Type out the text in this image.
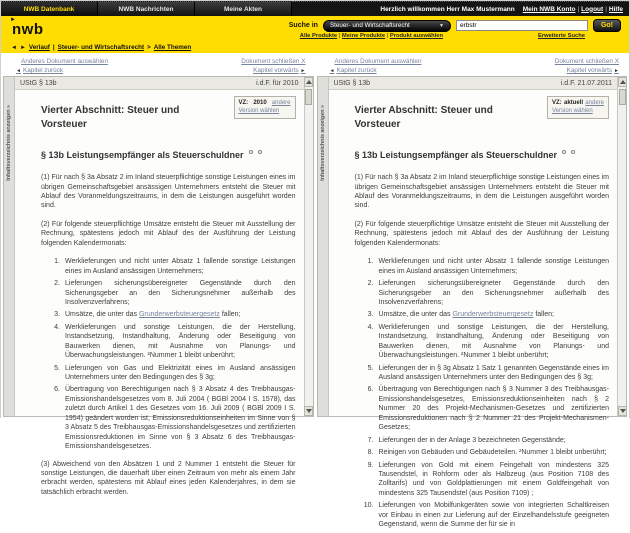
NWB Datenbank	NWB Nachrichten	Meine Akten	Herzlich willkommen Herr Max Mustermann Mein NWB Konto | Logout | Hilfe
►
nwb	Suche in Steuer- und Wirtschaftsrecht	▼
erbstr	Go!
Alle Produkte | Meine Produkte | Produkt auswählen	Erweiterte Suche
◄ ► Verlauf | Steuer- und Wirtschaftsrecht > Alle Themen
Anderes Dokument auswählen	Dokument schließen X
◄ Kapitel zurück	Kapitel vorwärts ►
Inhaltsverzeichnis anzeigen »
UStG § 13b	i.d.F. für 2010
VZ: 2010 andere Version wählen
Vierter Abschnitt: Steuer und Vorsteuer
§ 13b Leistungsempfänger als Steuerschuldner

(1) Für nach § 3a Absatz 2 im Inland steuerpflichtige sonstige Leistungen eines im übrigen Gemeinschaftsgebiet ansässigen Unternehmers entsteht die Steuer mit Ablauf des Voranmeldungszeitraums, in dem die Leistungen ausgeführt worden sind.

(2) Für folgende steuerpflichtige Umsätze entsteht die Steuer mit Ausstellung der Rechnung, spätestens jedoch mit Ablauf des der Ausführung der Leistung folgenden Kalendermonats:

1. Werklieferungen und nicht unter Absatz 1 fallende sonstige Leistungen eines im Ausland ansässigen Unternehmers;
2. Lieferungen sicherungsübereigneter Gegenstände durch den Sicherungsgeber an den Sicherungsnehmer außerhalb des Insolvenzverfahrens;
3. Umsätze, die unter das Grunderwerbsteuergesetz fallen;
4. Werklieferungen und sonstige Leistungen, die der Herstellung, Instandsetzung, Instandhaltung, Änderung oder Beseitigung von Bauwerken dienen, mit Ausnahme von Planungs- und Überwachungsleistungen. ²Nummer 1 bleibt unberührt;
5. Lieferungen von Gas und Elektrizität eines im Ausland ansässigen Unternehmers unter den Bedingungen des § 3g;
6. Übertragung von Berechtigungen nach § 3 Absatz 4 des Treibhausgas-Emissionshandelsgesetzes vom 8. Juli 2004 ( BGBl 2004 I S. 1578), das zuletzt durch Artikel 1 des Gesetzes vom 16. Juli 2009 ( BGBl 2009 I S. 1954) geändert worden ist, Emissionsreduktionseinheiten im Sinne von § 3 Absatz 5 des Treibhausgas-Emissionshandelsgesetzes und zertifizierten Emissionsreduktionen im Sinne von § 3 Absatz 6 des Treibhausgas- Emissionshandelsgesetzes.

(3) Abweichend von den Absätzen 1 und 2 Nummer 1 entsteht die Steuer für sonstige Leistungen, die dauerhaft über einen Zeitraum von mehr als einem Jahr erbracht werden, spätestens mit Ablauf eines jeden Kalenderjahres, in dem sie tatsächlich erbracht werden.

Anderes Dokument auswählen	Dokument schließen X
◄ Kapitel zurück	Kapitel vorwärts ►
Inhaltsverzeichnis anzeigen »
UStG § 13b	i.d.F. 21.07.2011
VZ: aktuell andere Version wählen
Vierter Abschnitt: Steuer und Vorsteuer
§ 13b Leistungsempfänger als Steuerschuldner

(1) Für nach § 3a Absatz 2 im Inland steuerpflichtige sonstige Leistungen eines im übrigen Gemeinschaftsgebiet ansässigen Unternehmers entsteht die Steuer mit Ablauf des Voranmeldungszeitraums, in dem die Leistungen ausgeführt worden sind.

(2) Für folgende steuerpflichtige Umsätze entsteht die Steuer mit Ausstellung der Rechnung, spätestens jedoch mit Ablauf des der Ausführung der Leistung folgenden Kalendermonats:

1. Werklieferungen und nicht unter Absatz 1 fallende sonstige Leistungen eines im Ausland ansässigen Unternehmers;
2. Lieferungen sicherungsübereigneter Gegenstände durch den Sicherungsgeber an den Sicherungsnehmer außerhalb des Insolvenzverfahrens;
3. Umsätze, die unter das Grunderwerbsteuergesetz fallen;
4. Werklieferungen und sonstige Leistungen, die der Herstellung, Instandsetzung, Instandhaltung, Änderung oder Beseitigung von Bauwerken dienen, mit Ausnahme von Planungs- und Überwachungsleistungen. ²Nummer 1 bleibt unberührt;
5. Lieferungen der in § 3g Absatz 1 Satz 1 genannten Gegenstände eines im Ausland ansässigen Unternehmers unter den Bedingungen des § 3g;
6. Übertragung von Berechtigungen nach § 3 Nummer 3 des Treibhausgas-Emissionshandelsgesetzes, Emissionsreduktionseinheiten nach § 2 Nummer 20 des Projekt-Mechanismen-Gesetzes und zertifizierten Emissionsreduktionen nach § 2 Nummer 21 des Projekt-Mechanismen-Gesetzes;
7. Lieferungen der in der Anlage 3 bezeichneten Gegenstände;
8. Reinigen von Gebäuden und Gebäudeteilen. ²Nummer 1 bleibt unberührt;
9. Lieferungen von Gold mit einem Feingehalt von mindestens 325 Tausendstel, in Rohform oder als Halbzeug (aus Position 7108 des Zolltarifs) und von Goldplattierungen mit einem Goldfeingehalt von mindestens 325 Tausendstel (aus Position 7109) ;
10. Lieferungen von Mobilfunkgeräten sowie von integrierten Schaltkreisen vor Einbau in einen zur Lieferung auf der Einzelhandelsstufe geeigneten Gegenstand, wenn die Summe der für sie in
